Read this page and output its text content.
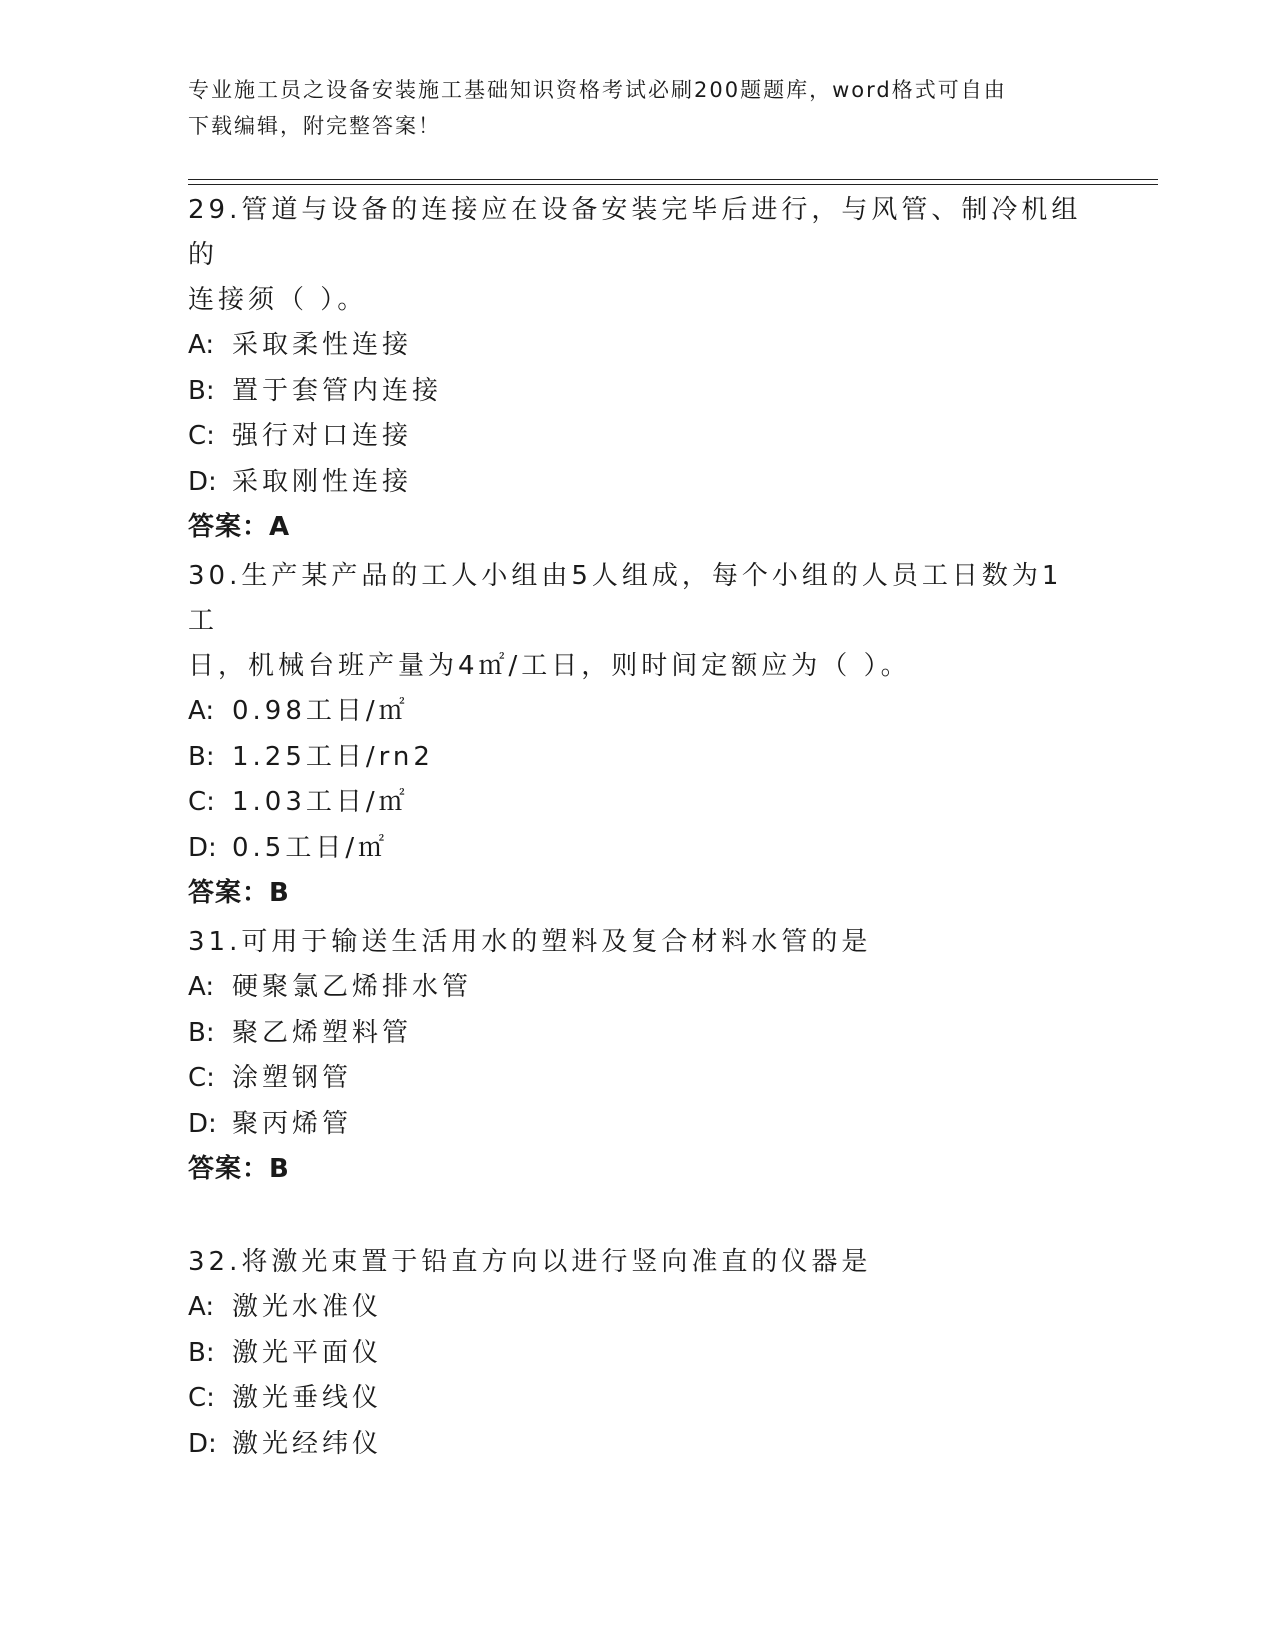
专业施工员之设备安装施工基础知识资格考试必刷200题题库，word格式可自由
下载编辑，附完整答案！

29.管道与设备的连接应在设备安装完毕后进行，与风管、制冷机组的

连接须（ ）。

A: 采取柔性连接

B: 置于套管内连接

C: 强行对口连接

D: 采取刚性连接

答案：A

30.生产某产品的工人小组由5人组成，每个小组的人员工日数为1工

日，机械台班产量为4㎡/工日，则时间定额应为（ ）。

A: 0.98工日/㎡

B: 1.25工日/rn2

C: 1.03工日/㎡

D: 0.5工日/㎡

答案：B

31.可用于输送生活用水的塑料及复合材料水管的是

A: 硬聚氯乙烯排水管

B: 聚乙烯塑料管

C: 涂塑钢管

D: 聚丙烯管

答案：B

32.将激光束置于铅直方向以进行竖向准直的仪器是

A: 激光水准仪

B: 激光平面仪

C: 激光垂线仪

D: 激光经纬仪
